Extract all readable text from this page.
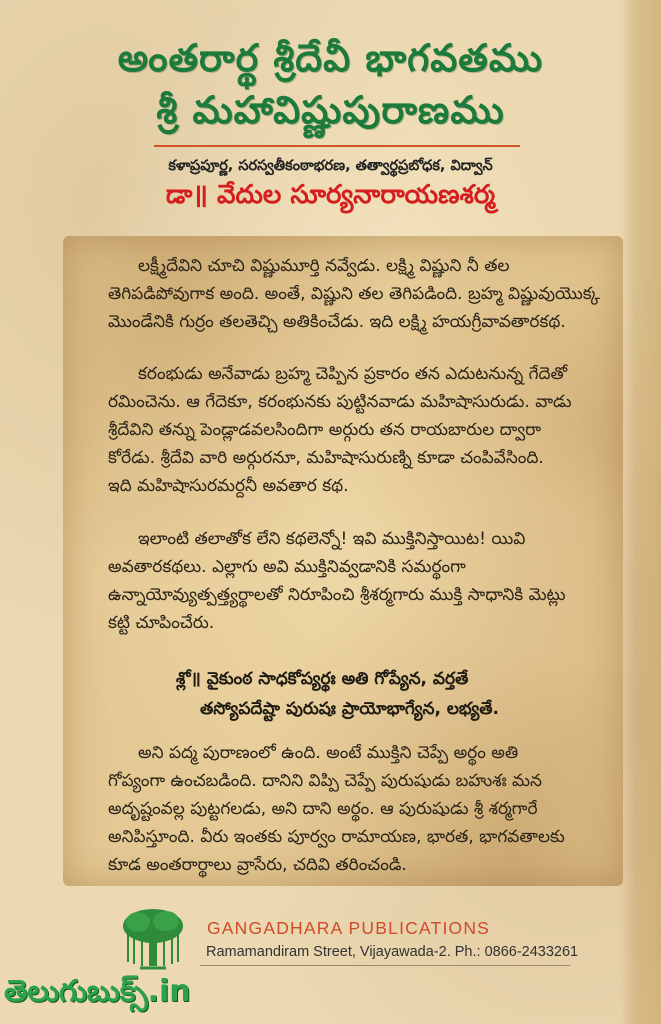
అంతరార్థ శ్రీదేవీ భాగవతము
శ్రీ మహావిష్ణుపురాణము
కళాప్రపూర్ణ, సరస్వతీకంఠాభరణ, తత్వార్థప్రబోధక, విద్వాన్
డా॥ వేదుల సూర్యనారాయణశర్మ
లక్ష్మీదేవిని చూచి విష్ణుమూర్తి నవ్వేడు. లక్ష్మి విష్ణుని నీ తల
తెగిపడిపోవుగాక అంది. అంతే, విష్ణుని తల తెగిపడింది. బ్రహ్మ విష్ణువుయొక్క
మొండేనికి గుర్రం తలతెచ్చి అతికించేడు. ఇది లక్ష్మి హయగ్రీవావతారకథ.
కరంభుడు అనేవాడు బ్రహ్మ చెప్పిన ప్రకారం తన ఎదుటనున్న గేదెతో
రమించెను. ఆ గేదెకూ, కరంభునకు పుట్టినవాడు మహిషాసురుడు. వాడు
శ్రీదేవిని తన్ను పెండ్లాడవలసిందిగా అర్గురు తన రాయబారుల ద్వారా
కోరేడు. శ్రీదేవి వారి అర్గురనూ, మహిషాసురుణ్ని కూడా చంపివేసింది.
ఇది మహిషాసురమర్దనీ అవతార కథ.
ఇలాంటి తలాతోక లేని కథలెన్నో! ఇవి ముక్తినిస్తాయిట! యివి
అవతారకథలు. ఎల్లాగు అవి ముక్తినివ్వడానికి సమర్థంగా
ఉన్నాయోవ్యుత్పత్త్యర్థాలతో నిరూపించి శ్రీశర్మగారు ముక్తి సాధానికి మెట్లు
కట్టి చూపించేరు.
శ్లో॥ వైకుంఠ సాధకోప్యర్థః అతి గోప్యేన, వర్తతే
తస్యోపదేష్టా పురుషః ప్రాయోభాగ్యేన, లభ్యతే.
అని పద్మ పురాణంలో ఉంది. అంటే ముక్తిని చెప్పే అర్థం అతి
గోప్యంగా ఉంచబడింది. దానిని విప్పి చెప్పే పురుషుడు బహుశః మన
అదృష్టంవల్ల పుట్టగలడు, అని దాని అర్థం. ఆ పురుషుడు శ్రీ శర్మగారే
అనిపిస్తూంది. వీరు ఇంతకు పూర్వం రామాయణ, భారత, భాగవతాలకు
కూడ అంతరార్థాలు వ్రాసేరు, చదివి తరించండి.
GANGADHARA PUBLICATIONS
Ramamandiram Street, Vijayawada-2. Ph.: 0866-2433261
తెలుగుబుక్స్.in
